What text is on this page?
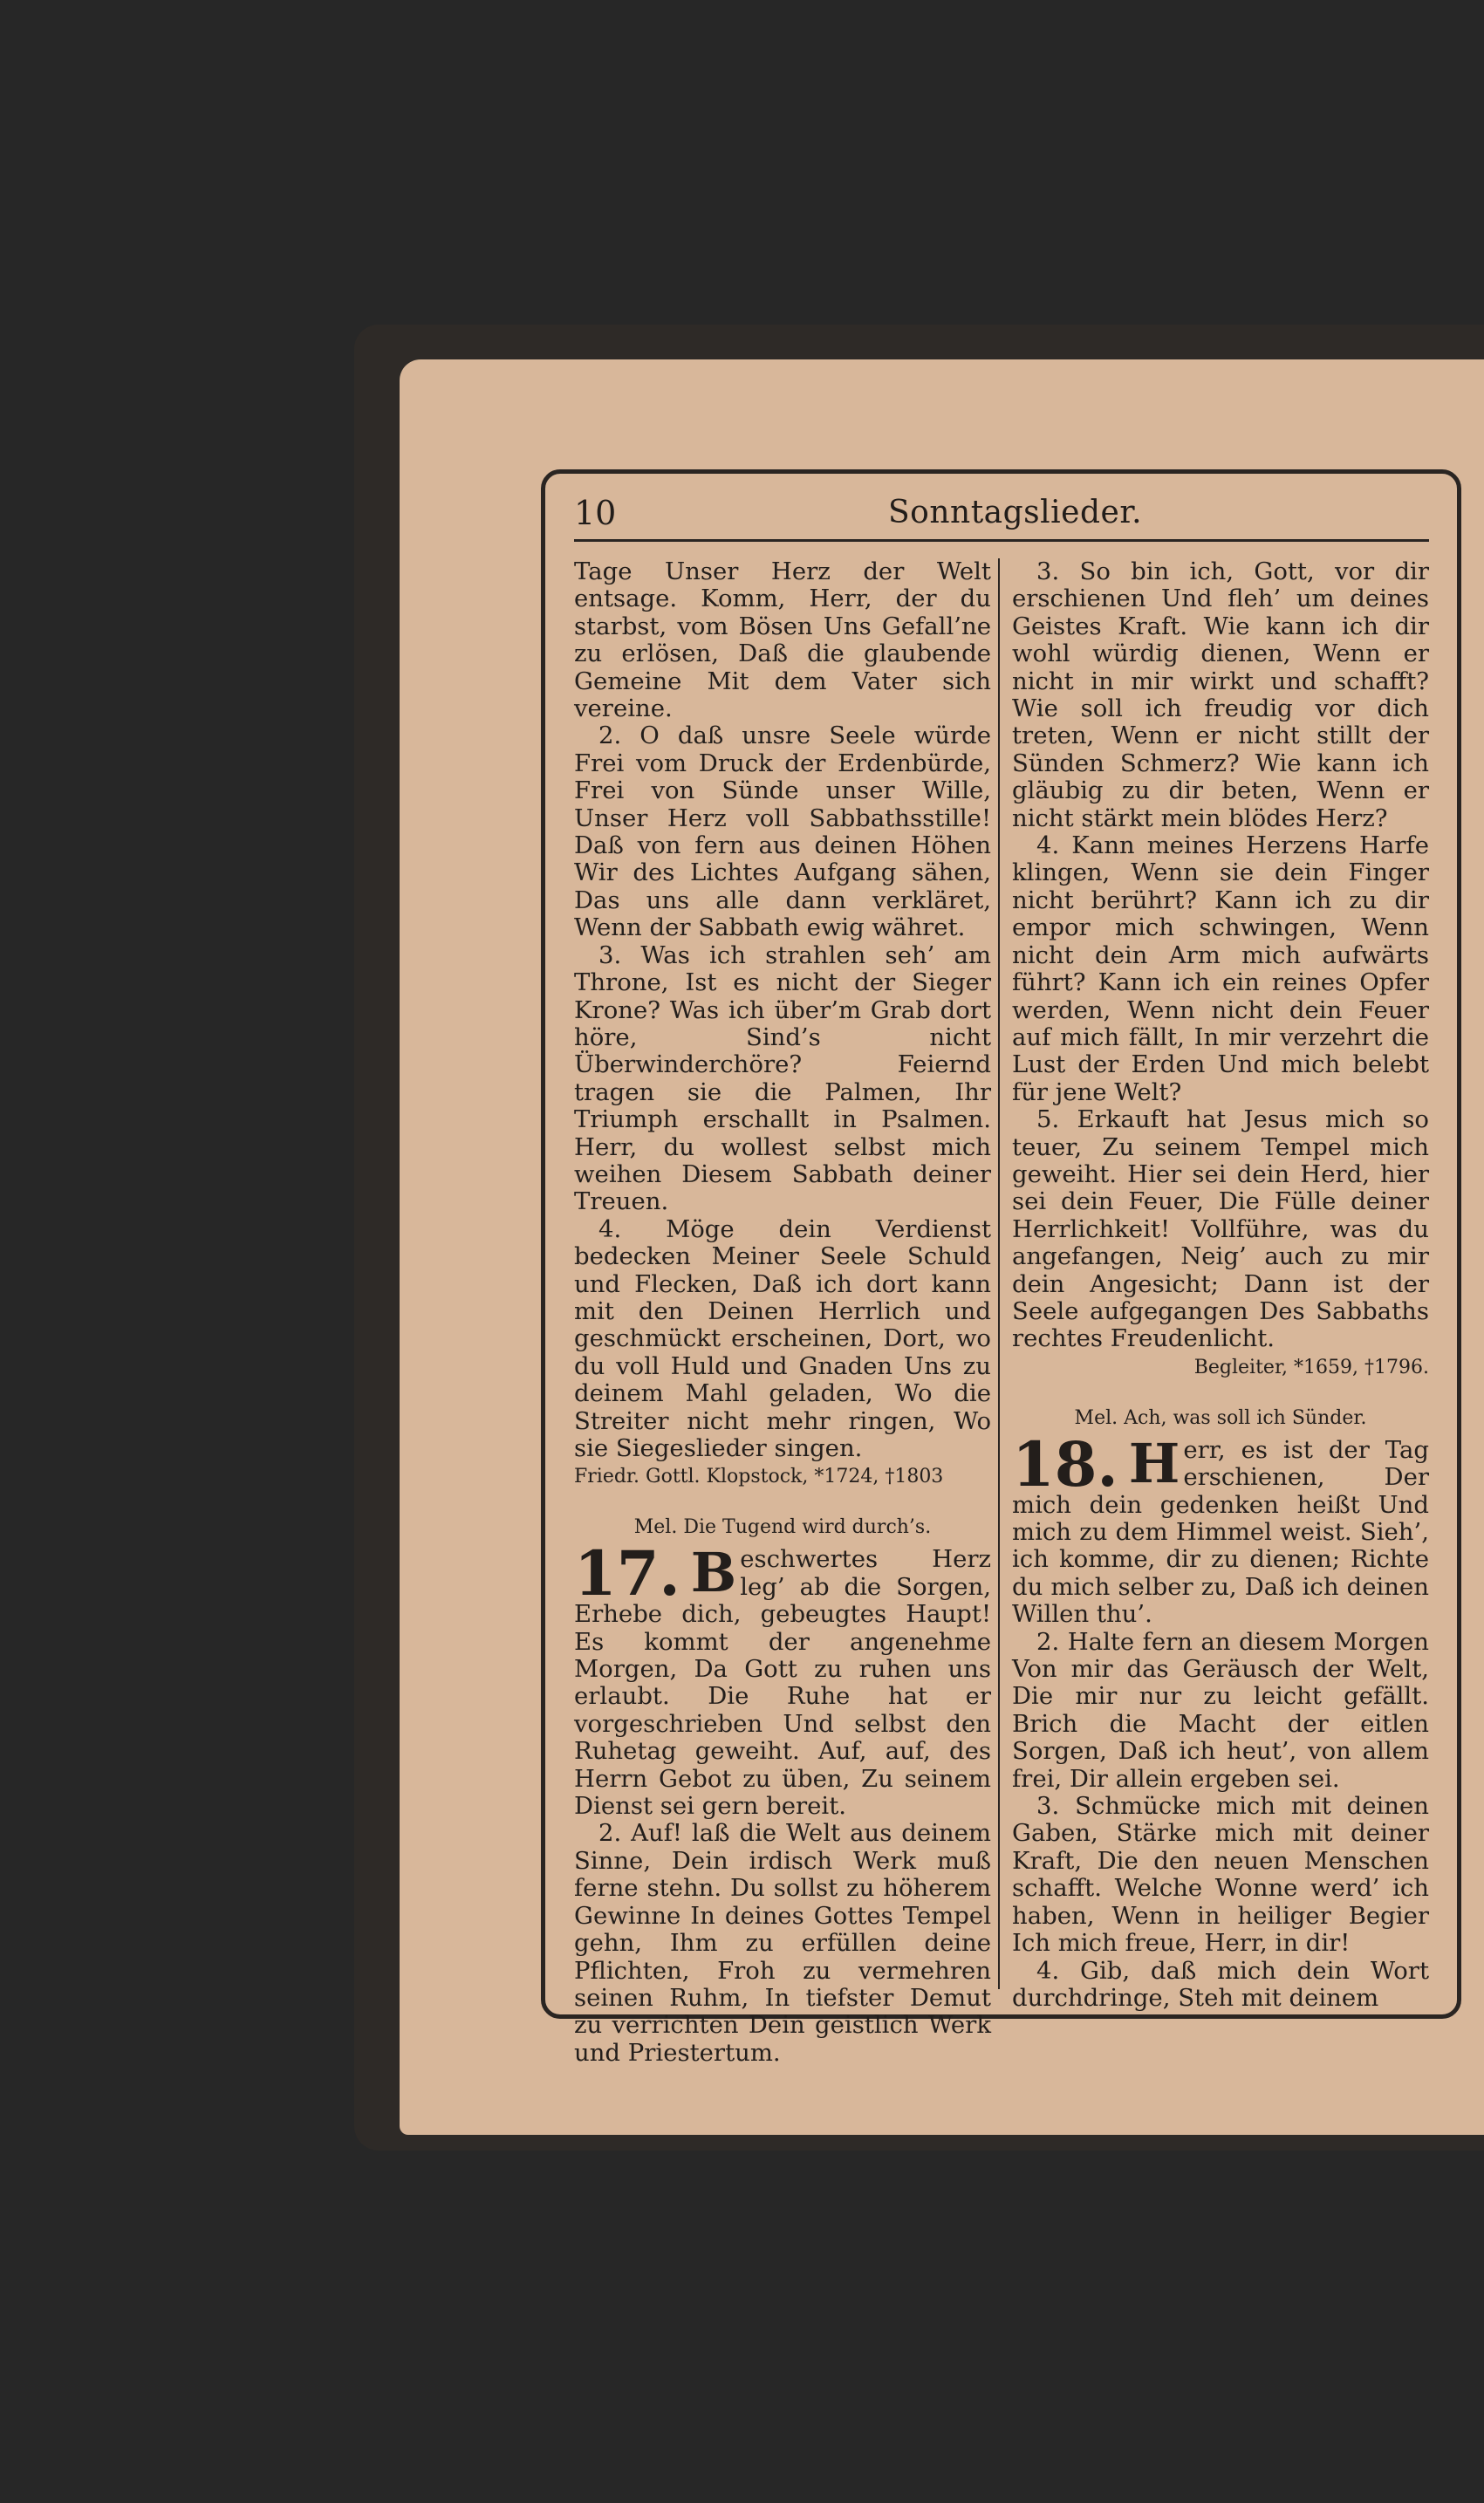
10	Sonntagslieder.

Tage Unser Herz der Welt entsage. Komm, Herr, der du starbst, vom Bösen Uns Gefall’ne zu erlösen, Daß die glaubende Gemeine Mit dem Vater sich vereine.

2. O daß unsre Seele würde Frei vom Druck der Erdenbürde, Frei von Sünde unser Wille, Unser Herz voll Sabbathsstille! Daß von fern aus deinen Höhen Wir des Lichtes Aufgang sähen, Das uns alle dann verkläret, Wenn der Sabbath ewig währet.

3. Was ich strahlen seh’ am Throne, Ist es nicht der Sieger Krone? Was ich über’m Grab dort höre, Sind’s nicht Überwinderchöre? Feiernd tragen sie die Palmen, Ihr Triumph erschallt in Psalmen. Herr, du wollest selbst mich weihen Diesem Sabbath deiner Treuen.

4. Möge dein Verdienst bedecken Meiner Seele Schuld und Flecken, Daß ich dort kann mit den Deinen Herrlich und geschmückt erscheinen, Dort, wo du voll Huld und Gnaden Uns zu deinem Mahl geladen, Wo die Streiter nicht mehr ringen, Wo sie Siegeslieder singen.

Friedr. Gottl. Klopstock, *1724, †1803

Mel. Die Tugend wird durch’s.

17. B eschwertes Herz leg’ ab die Sorgen, Erhebe dich, gebeugtes Haupt! Es kommt der angenehme Morgen, Da Gott zu ruhen uns erlaubt. Die Ruhe hat er vorgeschrieben Und selbst den Ruhetag geweiht. Auf, auf, des Herrn Gebot zu üben, Zu seinem Dienst sei gern bereit.

2. Auf! laß die Welt aus deinem Sinne, Dein irdisch Werk muß ferne stehn. Du sollst zu höherem Gewinne In deines Gottes Tempel gehn, Ihm zu erfüllen deine Pflichten, Froh zu vermehren seinen Ruhm, In tiefster Demut zu verrichten Dein geistlich Werk und Priestertum.

3. So bin ich, Gott, vor dir erschienen Und fleh’ um deines Geistes Kraft. Wie kann ich dir wohl würdig dienen, Wenn er nicht in mir wirkt und schafft? Wie soll ich freudig vor dich treten, Wenn er nicht stillt der Sünden Schmerz? Wie kann ich gläubig zu dir beten, Wenn er nicht stärkt mein blödes Herz?

4. Kann meines Herzens Harfe klingen, Wenn sie dein Finger nicht berührt? Kann ich zu dir empor mich schwingen, Wenn nicht dein Arm mich aufwärts führt? Kann ich ein reines Opfer werden, Wenn nicht dein Feuer auf mich fällt, In mir verzehrt die Lust der Erden Und mich belebt für jene Welt?

5. Erkauft hat Jesus mich so teuer, Zu seinem Tempel mich geweiht. Hier sei dein Herd, hier sei dein Feuer, Die Fülle deiner Herrlichkeit! Vollführe, was du angefangen, Neig’ auch zu mir dein Angesicht; Dann ist der Seele aufgegangen Des Sabbaths rechtes Freudenlicht.

Begleiter, *1659, †1796.

Mel. Ach, was soll ich Sünder.

18. H err, es ist der Tag erschienen, Der mich dein gedenken heißt Und mich zu dem Himmel weist. Sieh’, ich komme, dir zu dienen; Richte du mich selber zu, Daß ich deinen Willen thu’.

2. Halte fern an diesem Morgen Von mir das Geräusch der Welt, Die mir nur zu leicht gefällt. Brich die Macht der eitlen Sorgen, Daß ich heut’, von allem frei, Dir allein ergeben sei.

3. Schmücke mich mit deinen Gaben, Stärke mich mit deiner Kraft, Die den neuen Menschen schafft. Welche Wonne werd’ ich haben, Wenn in heiliger Begier Ich mich freue, Herr, in dir!

4. Gib, daß mich dein Wort durchdringe, Steh mit deinem
